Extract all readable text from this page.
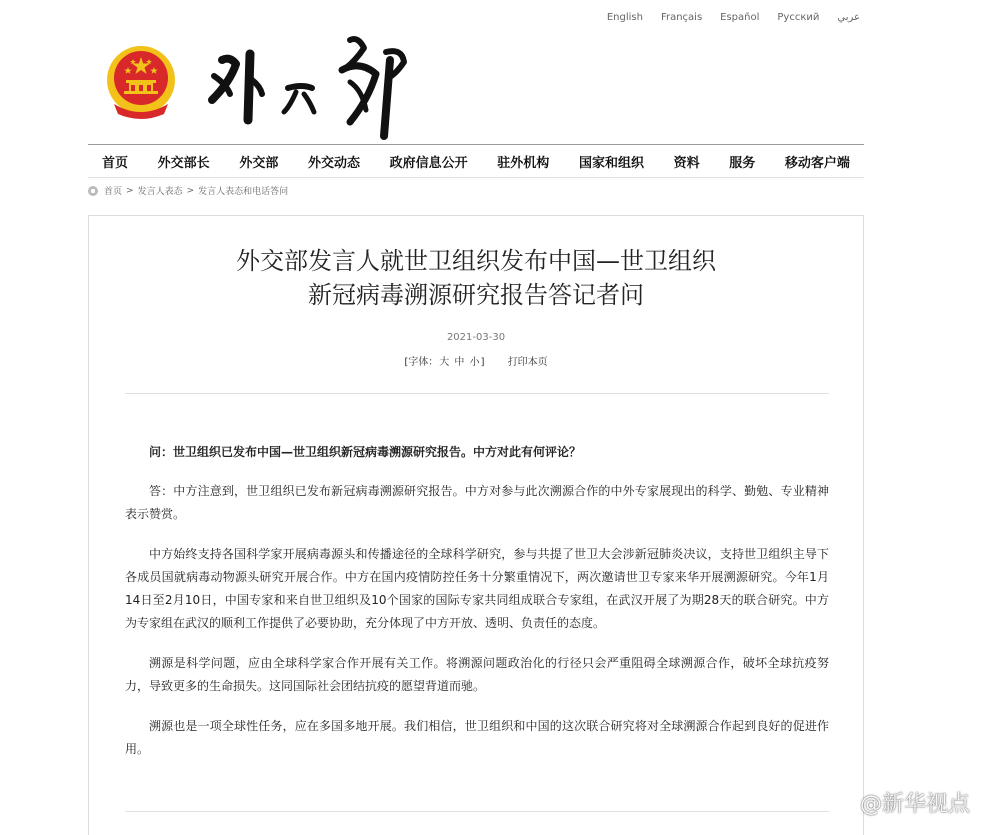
English Français Español Русский عربي
首页 外交部长 外交部 外交动态 政府信息公开 驻外机构 国家和组织 资料 服务 移动客户端
首页 > 发言人表态 > 发言人表态和电话答问
外交部发言人就世卫组织发布中国—世卫组织
新冠病毒溯源研究报告答记者问
2021-03-30
[字体：大 中 小] 打印本页

问：世卫组织已发布中国—世卫组织新冠病毒溯源研究报告。中方对此有何评论？

答：中方注意到，世卫组织已发布新冠病毒溯源研究报告。中方对参与此次溯源合作的中外专家展现出的科学、勤勉、专业精神表示赞赏。

中方始终支持各国科学家开展病毒源头和传播途径的全球科学研究，参与共提了世卫大会涉新冠肺炎决议，支持世卫组织主导下各成员国就病毒动物源头研究开展合作。中方在国内疫情防控任务十分繁重情况下，两次邀请世卫专家来华开展溯源研究。今年1月14日至2月10日，中国专家和来自世卫组织及10个国家的国际专家共同组成联合专家组，在武汉开展了为期28天的联合研究。中方为专家组在武汉的顺利工作提供了必要协助，充分体现了中方开放、透明、负责任的态度。

溯源是科学问题，应由全球科学家合作开展有关工作。将溯源问题政治化的行径只会严重阻碍全球溯源合作，破坏全球抗疫努力，导致更多的生命损失。这同国际社会团结抗疫的愿望背道而驰。

溯源也是一项全球性任务，应在多国多地开展。我们相信，世卫组织和中国的这次联合研究将对全球溯源合作起到良好的促进作用。

@新华视点
